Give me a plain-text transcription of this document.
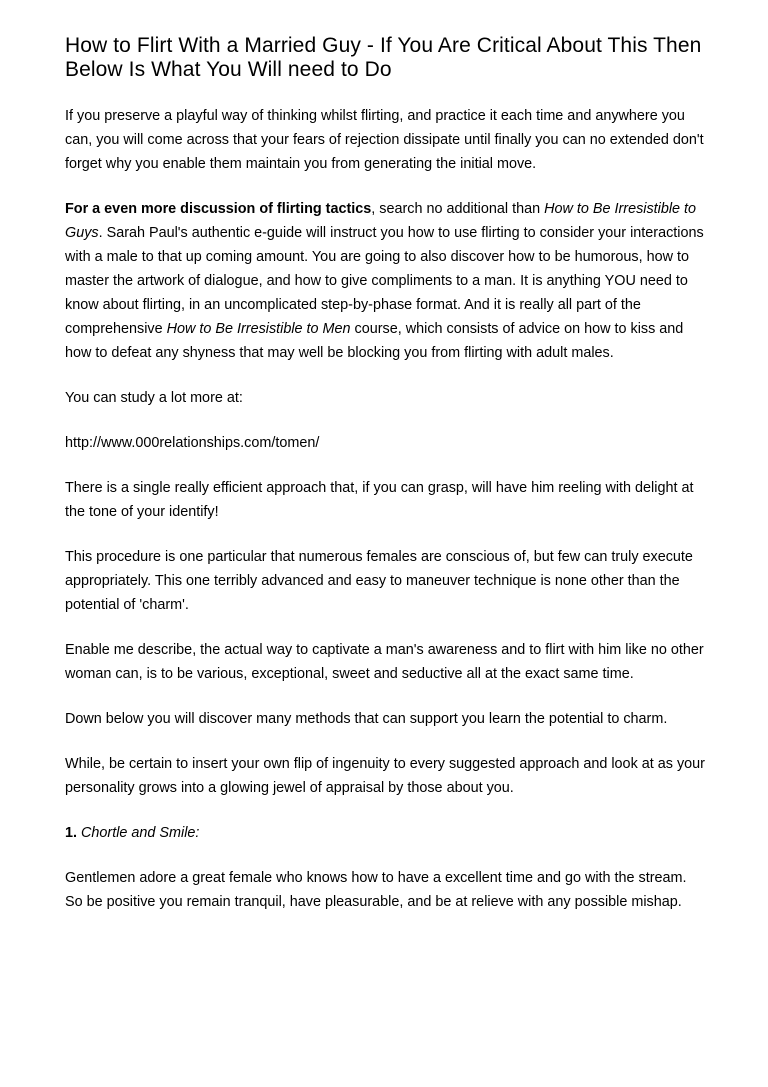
How to Flirt With a Married Guy - If You Are Critical About This Then Below Is What You Will need to Do

If you preserve a playful way of thinking whilst flirting, and practice it each time and anywhere you can, you will come across that your fears of rejection dissipate until finally you can no extended don't forget why you enable them maintain you from generating the initial move.

For a even more discussion of flirting tactics, search no additional than How to Be Irresistible to Guys. Sarah Paul's authentic e-guide will instruct you how to use flirting to consider your interactions with a male to that up coming amount. You are going to also discover how to be humorous, how to master the artwork of dialogue, and how to give compliments to a man. It is anything YOU need to know about flirting, in an uncomplicated step-by-phase format. And it is really all part of the comprehensive How to Be Irresistible to Men course, which consists of advice on how to kiss and how to defeat any shyness that may well be blocking you from flirting with adult males.

You can study a lot more at:

http://www.000relationships.com/tomen/

There is a single really efficient approach that, if you can grasp, will have him reeling with delight at the tone of your identify!

This procedure is one particular that numerous females are conscious of, but few can truly execute appropriately. This one terribly advanced and easy to maneuver technique is none other than the potential of 'charm'.

Enable me describe, the actual way to captivate a man's awareness and to flirt with him like no other woman can, is to be various, exceptional, sweet and seductive all at the exact same time.

Down below you will discover many methods that can support you learn the potential to charm.

While, be certain to insert your own flip of ingenuity to every suggested approach and look at as your personality grows into a glowing jewel of appraisal by those about you.

1. Chortle and Smile:

Gentlemen adore a great female who knows how to have a excellent time and go with the stream. So be positive you remain tranquil, have pleasurable, and be at relieve with any possible mishap.
